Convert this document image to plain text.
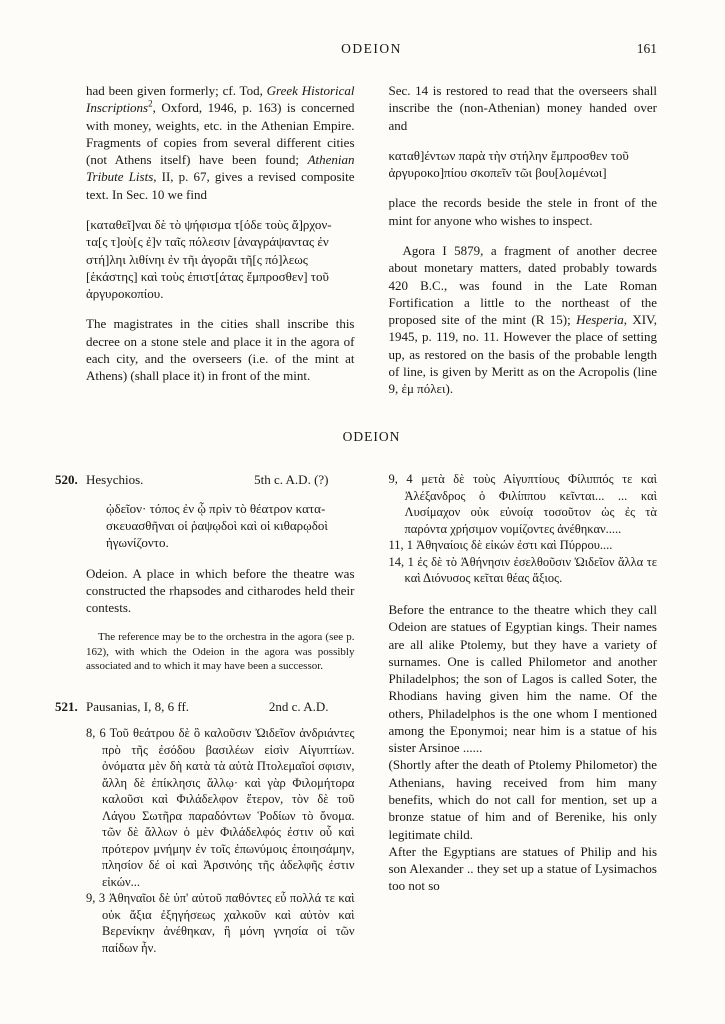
ODEION	161

had been given formerly; cf. Tod, Greek Historical Inscriptions$^2$, Oxford, 1946, p. 163) is concerned with money, weights, etc. in the Athenian Empire. Fragments of copies from several different cities (not Athens itself) have been found; Athenian Tribute Lists, II, p. 67, gives a revised composite text. In Sec. 10 we find

[καταθεῖ]ναι δὲ τὸ ψήφισμα τ[όδε τοὺς ἄ]ρχον-
τα[ς τ]οὺ[ς ἐ]ν ταῖς πόλεσιν [ἀναγράψαντας ἐν
στή]ληι λιθίνηι ἐν τῆι ἀγορᾶι τῆ[ς πό]λεως
[ἑκάστης] καὶ τοὺς ἐπιστ[άτας ἔμπροσθεν] τοῦ
ἀργυροκοπίου.

The magistrates in the cities shall inscribe this decree on a stone stele and place it in the agora of each city, and the overseers (i.e. of the mint at Athens) (shall place it) in front of the mint.

Sec. 14 is restored to read that the overseers shall inscribe the (non-Athenian) money handed over and

καταθ]έντων παρὰ τὴν στήλην ἔμπροσθεν τοῦ
ἀργυροκο]πίου σκοπεῖν τῶι βου[λομένωι]

place the records beside the stele in front of the mint for anyone who wishes to inspect.

Agora I 5879, a fragment of another decree about monetary matters, dated probably towards 420 B.C., was found in the Late Roman Fortification a little to the northeast of the proposed site of the mint (R 15); Hesperia, XIV, 1945, p. 119, no. 11. However the place of setting up, as restored on the basis of the probable length of line, is given by Meritt as on the Acropolis (line 9, ἐμ πόλει).

ODEION
520. Hesychios.	5th c. A.D. (?)
ᾠδεῖον· τόπος ἐν ᾧ πρὶν τὸ θέατρον κατα-
σκευασθῆναι οἱ ῥαψῳδοὶ καὶ οἱ κιθαρῳδοὶ
ἠγωνίζοντο.

Odeion. A place in which before the theatre was constructed the rhapsodes and citharodes held their contests.

The reference may be to the orchestra in the agora (see p. 162), with which the Odeion in the agora was possibly associated and to which it may have been a successor.

521. Pausanias, I, 8, 6 ff.	2nd c. A.D.

8, 6 Τοῦ θεάτρου δὲ ὃ καλοῦσιν Ὠιδεῖον ἀνδριάντες πρὸ τῆς ἐσόδου βασιλέων εἰσὶν Αἰγυπτίων. ὀνόματα μὲν δὴ κατὰ τὰ αὐτὰ Πτολεμαῖοί σφισιν, ἄλλη δὲ ἐπίκλησις ἄλλῳ· καὶ γὰρ Φιλομήτορα καλοῦσι καὶ Φιλάδελφον ἕτερον, τὸν δὲ τοῦ Λάγου Σωτῆρα παραδόντων Ῥοδίων τὸ ὄνομα. τῶν δὲ ἄλλων ὁ μὲν Φιλάδελφός ἐστιν οὗ καὶ πρότερον μνήμην ἐν τοῖς ἐπωνύμοις ἐποιησάμην, πλησίον δέ οἱ καὶ Ἀρσινόης τῆς ἀδελφῆς ἐστιν εἰκών...

9, 3 Ἀθηναῖοι δὲ ὑπ' αὐτοῦ παθόντες εὖ πολλά τε καὶ οὐκ ἄξια ἐξηγήσεως χαλκοῦν καὶ αὐτὸν καὶ Βερενίκην ἀνέθηκαν, ἣ μόνη γνησία οἱ τῶν παίδων ἦν.

9, 4 μετὰ δὲ τοὺς Αἰγυπτίους Φίλιππός τε καὶ Ἀλέξανδρος ὁ Φιλίππου κεῖνται... ... καὶ Λυσίμαχον οὐκ εὐνοίᾳ τοσοῦτον ὡς ἐς τὰ παρόντα χρήσιμον νομίζοντες ἀνέθηκαν.....

11, 1 Ἀθηναίοις δὲ εἰκών ἐστι καὶ Πύρρου....

14, 1 ἐς δὲ τὸ Ἀθήνησιν ἐσελθοῦσιν Ὠιδεῖον ἄλλα τε καὶ Διόνυσος κεῖται θέας ἄξιος.

Before the entrance to the theatre which they call Odeion are statues of Egyptian kings. Their names are all alike Ptolemy, but they have a variety of surnames. One is called Philometor and another Philadelphos; the son of Lagos is called Soter, the Rhodians having given him the name. Of the others, Philadelphos is the one whom I mentioned among the Eponymoi; near him is a statue of his sister Arsinoe ......

(Shortly after the death of Ptolemy Philometor) the Athenians, having received from him many benefits, which do not call for mention, set up a bronze statue of him and of Berenike, his only legitimate child.

After the Egyptians are statues of Philip and his son Alexander .. they set up a statue of Lysimachos too not so
